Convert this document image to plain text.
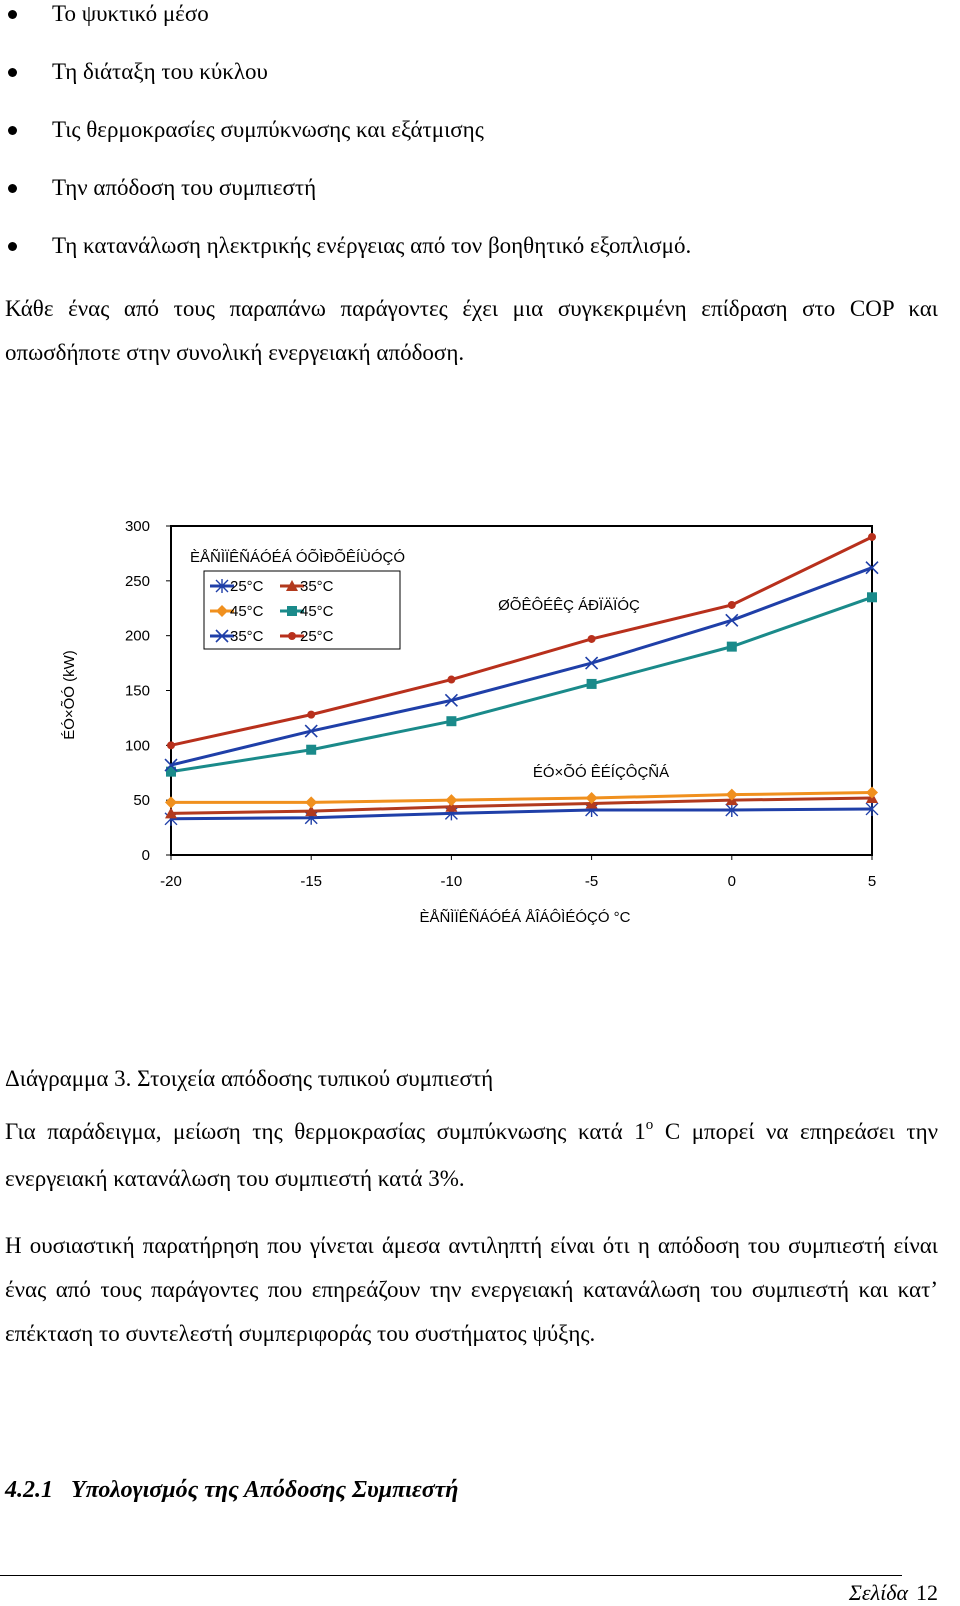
Το ψυκτικό μέσο
Τη διάταξη του κύκλου
Τις θερμοκρασίες συμπύκνωσης και εξάτμισης
Την απόδοση του συμπιεστή
Τη κατανάλωση ηλεκτρικής ενέργειας από τον βοηθητικό εξοπλισμό.

Κάθε ένας από τους παραπάνω παράγοντες έχει μια συγκεκριμένη επίδραση στο COP και οπωσδήποτε στην συνολική ενεργειακή απόδοση.

0
50
100
150
200
250
300
-20	-15	-10	-5	0	5
ÉÓ×ÕÓ (kW)
ÈÅÑÌÏÊÑÁÓÉÁ ÅÎÁÔÌÉÓÇÓ °C
ØÕÊÔÉÊÇ ÁÐÏÄÏÓÇ
ÉÓ×ÕÓ ÊÉÍÇÔÇÑÁ
ÈÅÑÌÏÊÑÁÓÉÁ ÓÕÌÐÕÊÍÙÓÇÓ
25°C 35°C
45°C 45°C
35°C 25°C
Διάγραμμα 3. Στοιχεία απόδοσης τυπικού συμπιεστή

Για παράδειγμα, μείωση της θερμοκρασίας συμπύκνωσης κατά $1^o$ C μπορεί να επηρεάσει την ενεργειακή κατανάλωση του συμπιεστή κατά 3%.

Η ουσιαστική παρατήρηση που γίνεται άμεσα αντιληπτή είναι ότι η απόδοση του συμπιεστή είναι ένας από τους παράγοντες που επηρεάζουν την ενεργειακή κατανάλωση του συμπιεστή και κατ’ επέκταση το συντελεστή συμπεριφοράς του συστήματος ψύξης.

4.2.1 Υπολογισμός της Απόδοσης Συμπιεστή
Σελίδα 12
